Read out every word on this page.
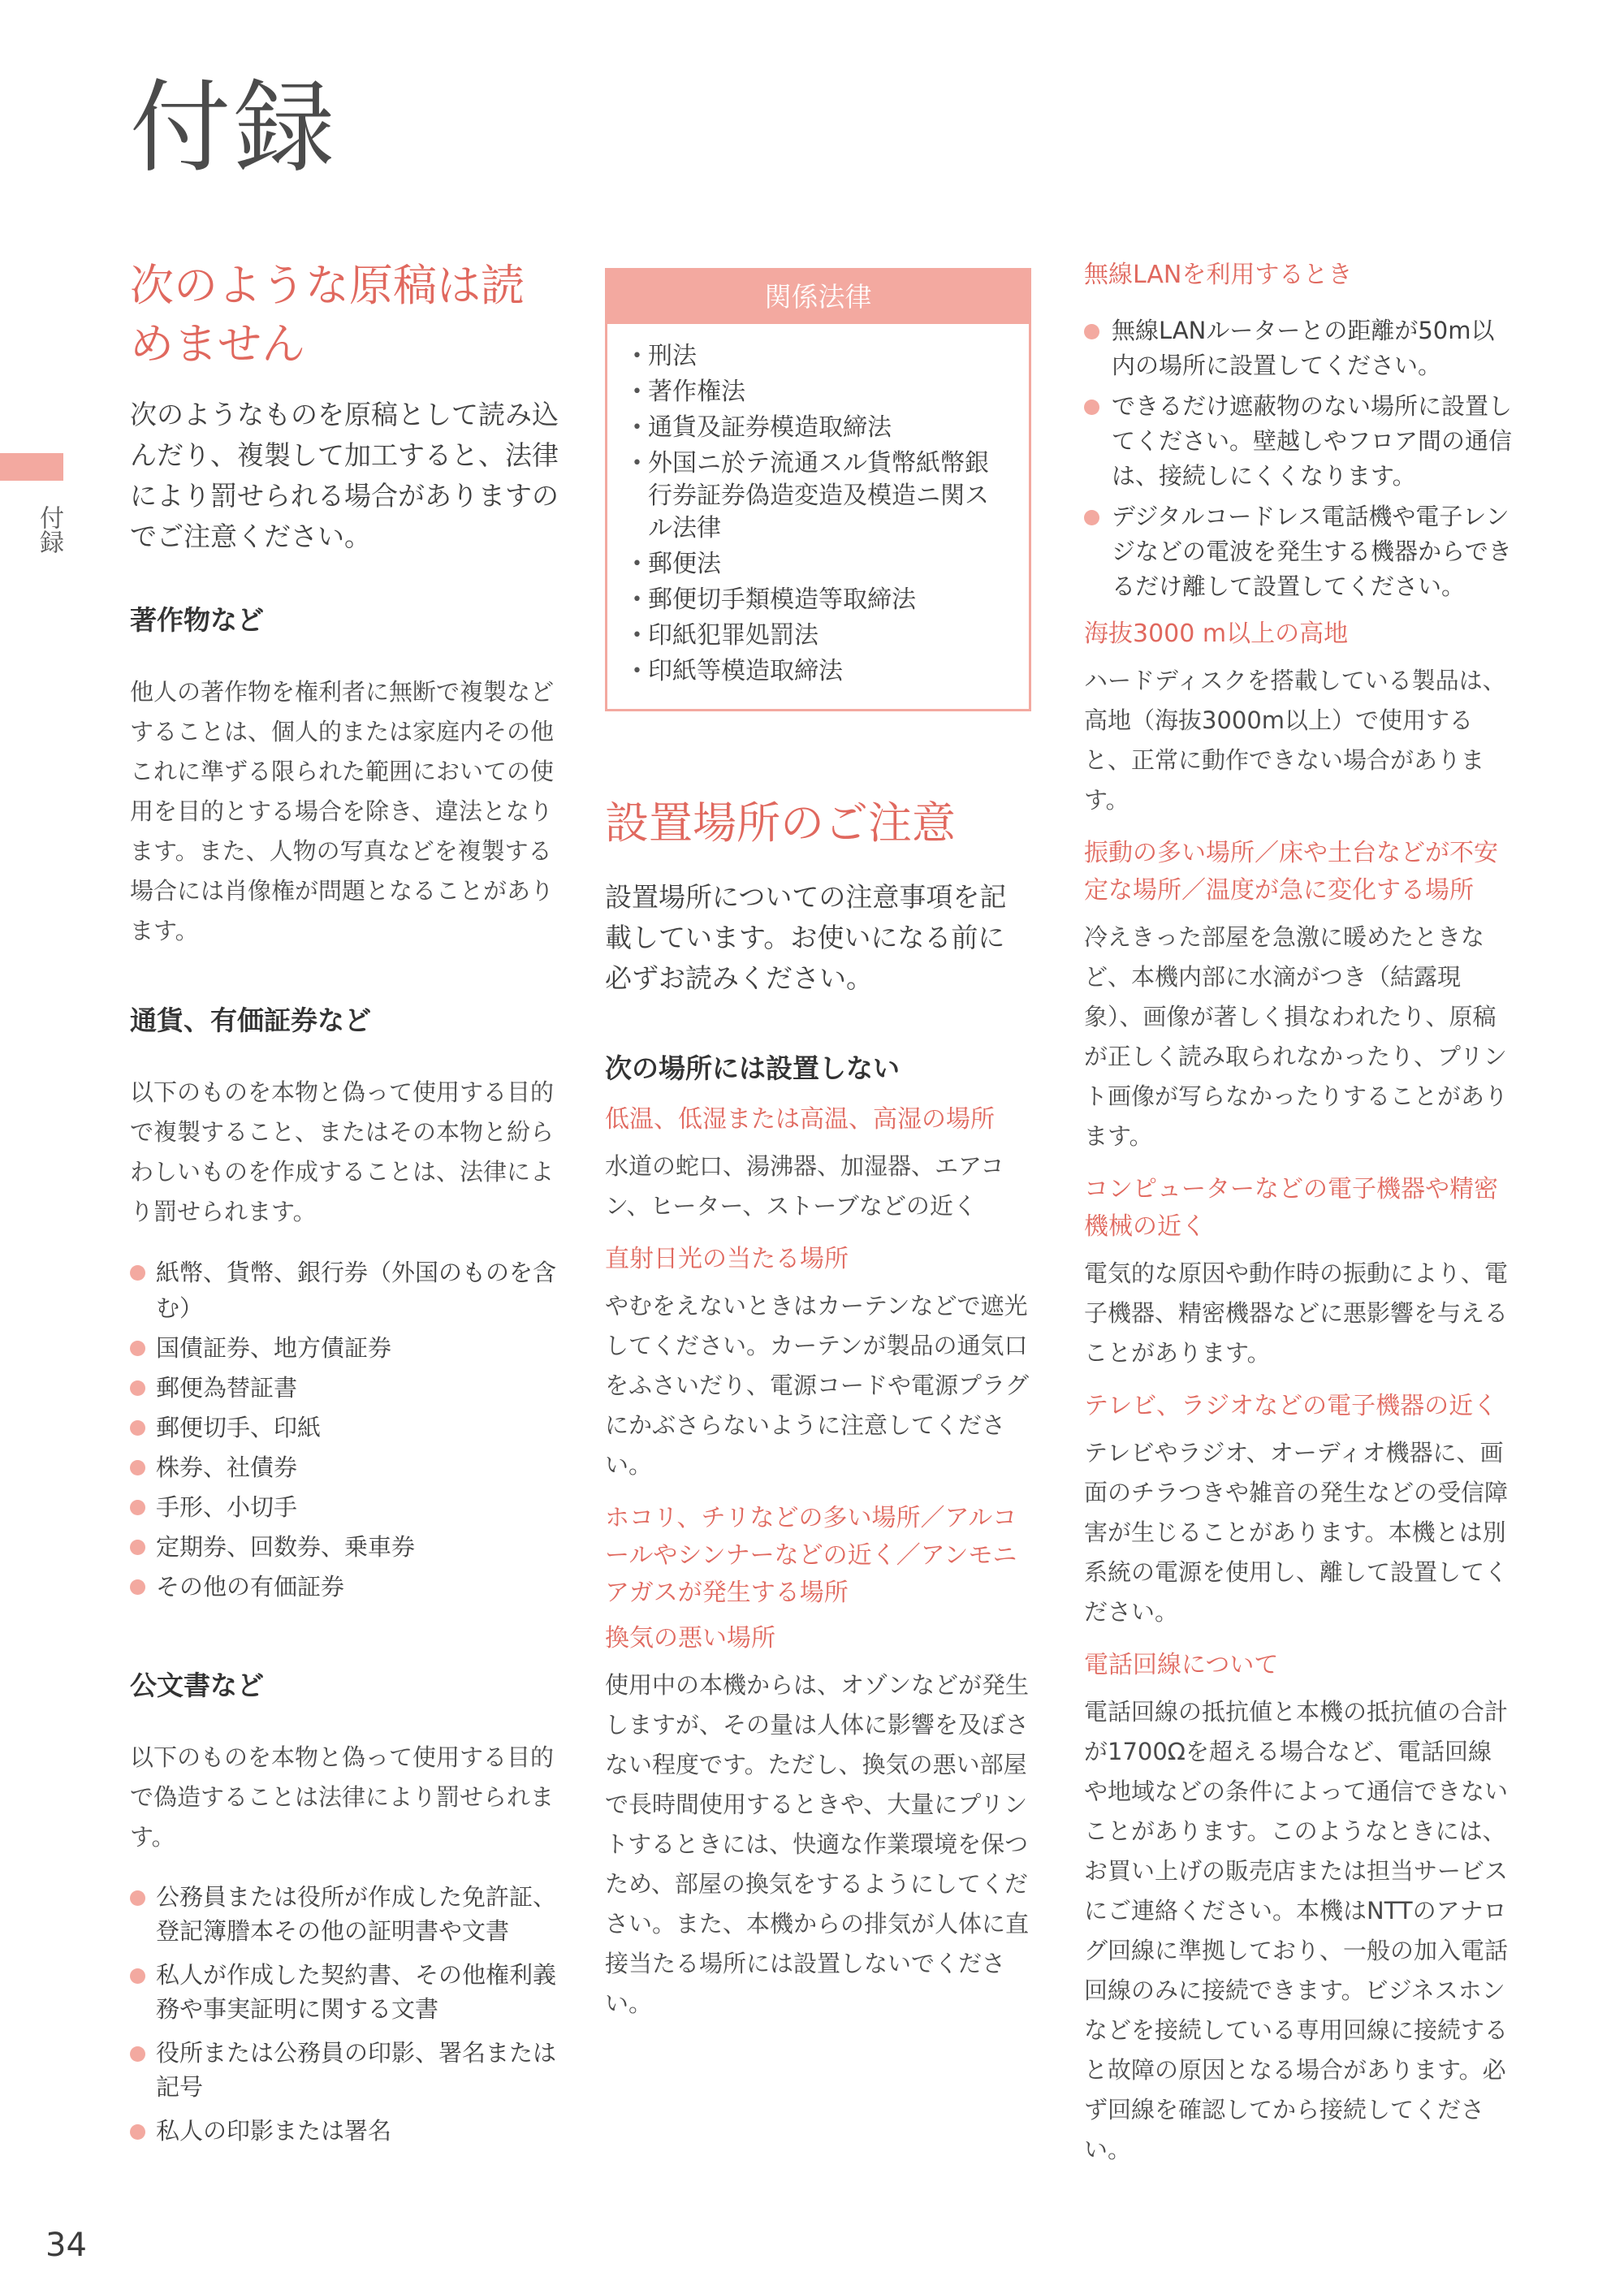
付録
付録
次のような原稿は読めません
次のようなものを原稿として読み込んだり、複製して加工すると、法律により罰せられる場合がありますのでご注意ください。
著作物など
他人の著作物を権利者に無断で複製などすることは、個人的または家庭内その他これに準ずる限られた範囲においての使用を目的とする場合を除き、違法となります。また、人物の写真などを複製する場合には肖像権が問題となることがあります。
通貨、有価証券など
以下のものを本物と偽って使用する目的で複製すること、またはその本物と紛らわしいものを作成することは、法律により罰せられます。
紙幣、貨幣、銀行券（外国のものを含む）
国債証券、地方債証券
郵便為替証書
郵便切手、印紙
株券、社債券
手形、小切手
定期券、回数券、乗車券
その他の有価証券
公文書など
以下のものを本物と偽って使用する目的で偽造することは法律により罰せられます。
公務員または役所が作成した免許証、登記簿謄本その他の証明書や文書
私人が作成した契約書、その他権利義務や事実証明に関する文書
役所または公務員の印影、署名または記号
私人の印影または署名
関係法律
• 刑法
• 著作権法
• 通貨及証券模造取締法
• 外国ニ於テ流通スル貨幣紙幣銀行券証券偽造変造及模造ニ関スル法律
• 郵便法
• 郵便切手類模造等取締法
• 印紙犯罪処罰法
• 印紙等模造取締法
設置場所のご注意
設置場所についての注意事項を記載しています。お使いになる前に必ずお読みください。
次の場所には設置しない
低温、低湿または高温、高湿の場所
水道の蛇口、湯沸器、加湿器、エアコン、ヒーター、ストーブなどの近く
直射日光の当たる場所
やむをえないときはカーテンなどで遮光してください。カーテンが製品の通気口をふさいだり、電源コードや電源プラグにかぶさらないように注意してください。
ホコリ、チリなどの多い場所／アルコールやシンナーなどの近く／アンモニアガスが発生する場所
換気の悪い場所
使用中の本機からは、オゾンなどが発生しますが、その量は人体に影響を及ぼさない程度です。ただし、換気の悪い部屋で長時間使用するときや、大量にプリントするときには、快適な作業環境を保つため、部屋の換気をするようにしてください。また、本機からの排気が人体に直接当たる場所には設置しないでください。
無線LANを利用するとき
無線LANルーターとの距離が50m以内の場所に設置してください。
できるだけ遮蔽物のない場所に設置してください。壁越しやフロア間の通信は、接続しにくくなります。
デジタルコードレス電話機や電子レンジなどの電波を発生する機器からできるだけ離して設置してください。
海抜3000 m以上の高地
ハードディスクを搭載している製品は、高地（海抜3000m以上）で使用すると、正常に動作できない場合があります。
振動の多い場所／床や土台などが不安定な場所／温度が急に変化する場所
冷えきった部屋を急激に暖めたときなど、本機内部に水滴がつき（結露現象）、画像が著しく損なわれたり、原稿が正しく読み取られなかったり、プリント画像が写らなかったりすることがあります。
コンピューターなどの電子機器や精密機械の近く
電気的な原因や動作時の振動により、電子機器、精密機器などに悪影響を与えることがあります。
テレビ、ラジオなどの電子機器の近く
テレビやラジオ、オーディオ機器に、画面のチラつきや雑音の発生などの受信障害が生じることがあります。本機とは別系統の電源を使用し、離して設置してください。
電話回線について
電話回線の抵抗値と本機の抵抗値の合計が1700Ωを超える場合など、電話回線や地域などの条件によって通信できないことがあります。このようなときには、お買い上げの販売店または担当サービスにご連絡ください。本機はNTTのアナログ回線に準拠しており、一般の加入電話回線のみに接続できます。ビジネスホンなどを接続している専用回線に接続すると故障の原因となる場合があります。必ず回線を確認してから接続してください。
34
